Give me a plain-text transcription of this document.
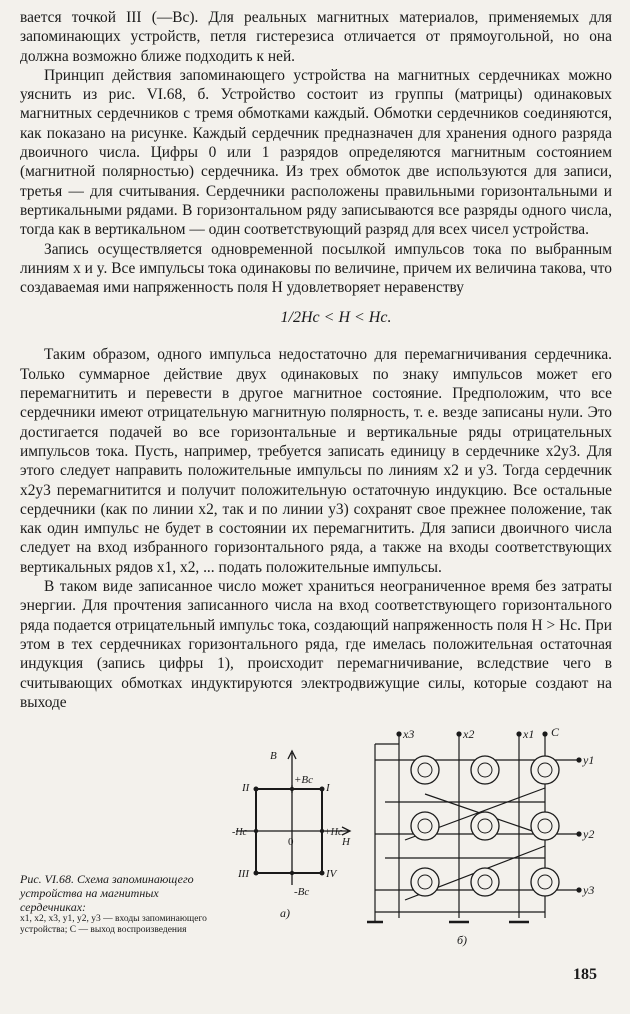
вается точкой III (—Bc). Для реальных магнитных материалов, применяемых для запоминающих устройств, петля гистерезиса отличается от прямоугольной, но она должна возможно ближе подходить к ней.

Принцип действия запоминающего устройства на магнитных сердечниках можно уяснить из рис. VI.68, б. Устройство состоит из группы (матрицы) одинаковых магнитных сердечников с тремя обмотками каждый. Обмотки сердечников соединяются, как показано на рисунке. Каждый сердечник предназначен для хранения одного разряда двоичного числа. Цифры 0 или 1 разрядов определяются магнитным состоянием (магнитной полярностью) сердечника. Из трех обмоток две используются для записи, третья — для считывания. Сердечники расположены правильными горизонтальными и вертикальными рядами. В горизонтальном ряду записываются все разряды одного числа, тогда как в вертикальном — один соответствующий разряд для всех чисел устройства.

Запись осуществляется одновременной посылкой импульсов тока по выбранным линиям x и y. Все импульсы тока одинаковы по величине, причем их величина такова, что создаваемая ими напряженность поля H удовлетворяет неравенству

1/2Hc < H < Hc.

Таким образом, одного импульса недостаточно для перемагничивания сердечника. Только суммарное действие двух одинаковых по знаку импульсов может его перемагнитить и перевести в другое магнитное состояние. Предположим, что все сердечники имеют отрицательную магнитную полярность, т. е. везде записаны нули. Это достигается подачей во все горизонтальные и вертикальные ряды отрицательных импульсов тока. Пусть, например, требуется записать единицу в сердечнике x2y3. Для этого следует направить положительные импульсы по линиям x2 и y3. Тогда сердечник x2y3 перемагнитится и получит положительную остаточную индукцию. Все остальные сердечники (как по линии x2, так и по линии y3) сохранят свое прежнее положение, так как один импульс не будет в состоянии их перемагнитить. Для записи двоичного числа следует на вход избранного горизонтального ряда, а также на входы соответствующих вертикальных рядов x1, x2, ... подать положительные импульсы.

В таком виде записанное число может храниться неограниченное время без затраты энергии. Для прочтения записанного числа на вход соответствующего горизонтального ряда подается отрицательный импульс тока, создающий напряженность поля H > Hc. При этом в тех сердечниках горизонтального ряда, где имелась положительная остаточная индукция (запись цифры 1), происходит перемагничивание, вследствие чего в считывающих обмотках индуктируются электродвижущие силы, которые создают на выходе

B
H
+Bc
-Bc
-Hc	+Hc
0
I
II
III	IV
a)
x3	x2	x1 C
y1
y2
y3
б)
Рис. VI.68. Схема запоминающего устройства на магнитных сердечниках:
x1, x2, x3, y1, y2, y3 — входы запоминающего устройства; C — выход воспроизведения
185
